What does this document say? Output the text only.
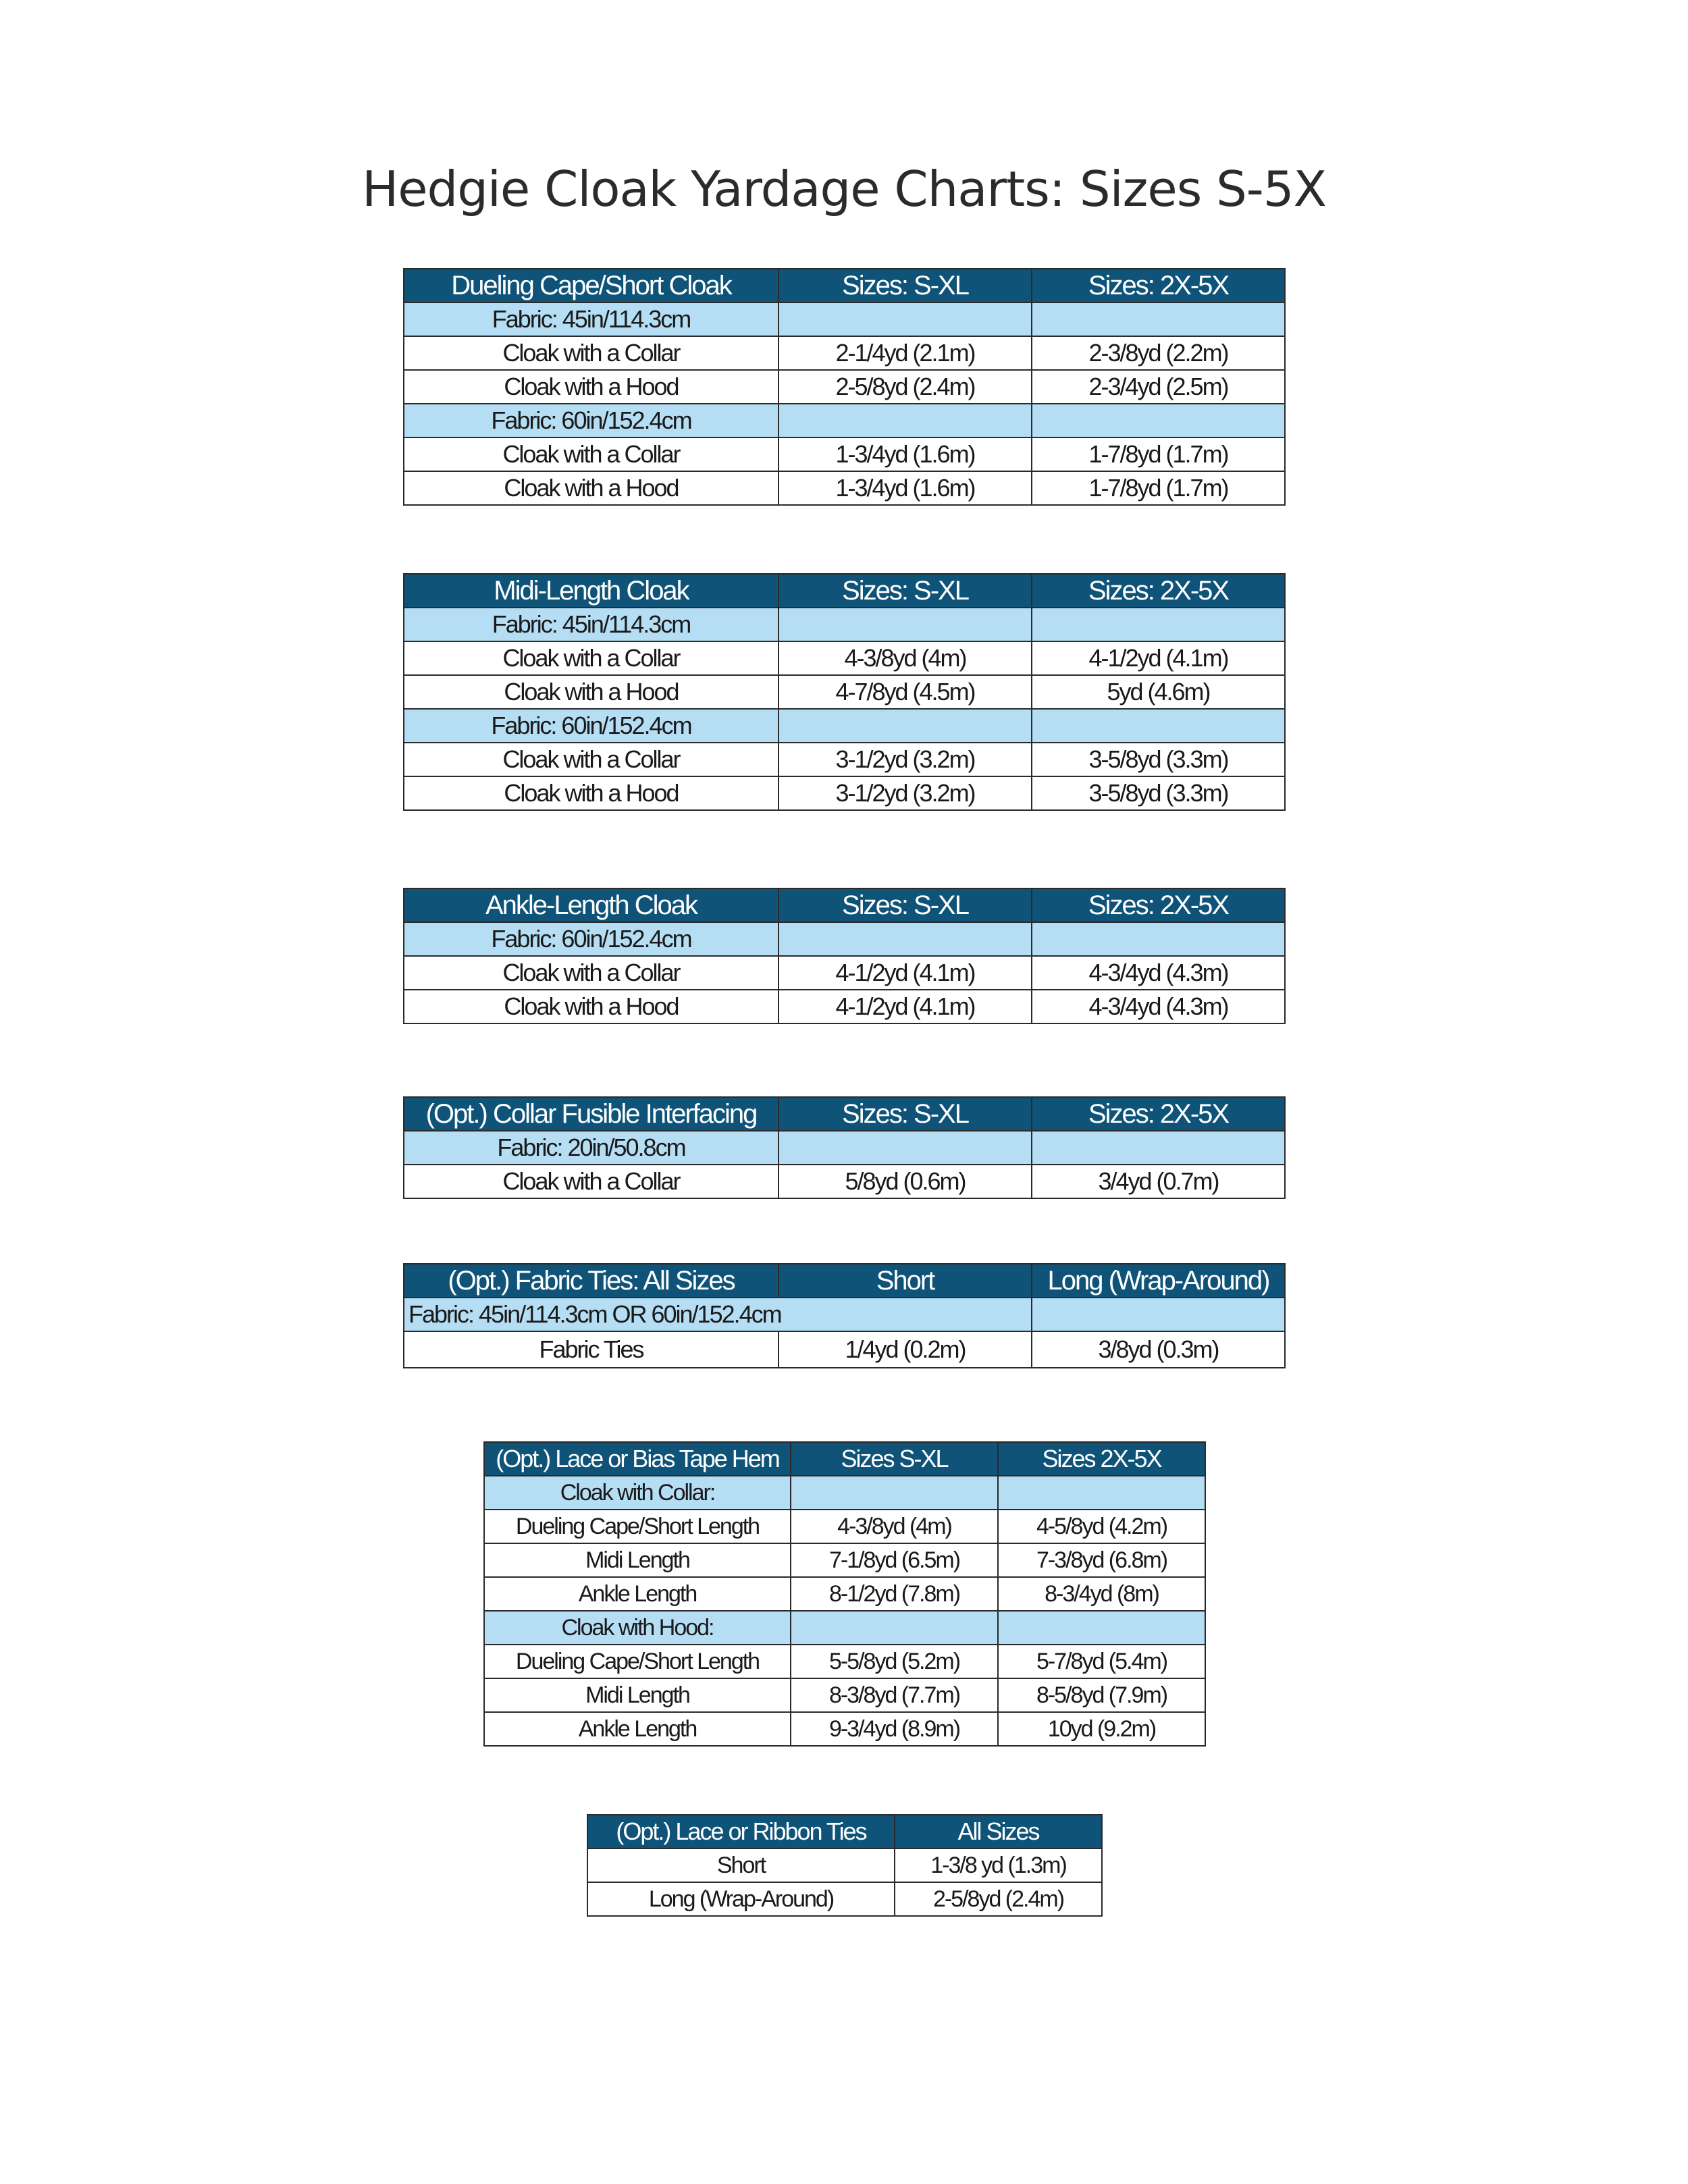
Hedgie Cloak Yardage Charts: Sizes S-5X
Dueling Cape/Short Cloak	Sizes: S-XL	Sizes: 2X-5X
Fabric: 45in/114.3cm		
Cloak with a Collar	2-1/4yd (2.1m)	2-3/8yd (2.2m)
Cloak with a Hood	2-5/8yd (2.4m)	2-3/4yd (2.5m)
Fabric: 60in/152.4cm		
Cloak with a Collar	1-3/4yd (1.6m)	1-7/8yd (1.7m)
Cloak with a Hood	1-3/4yd (1.6m)	1-7/8yd (1.7m)
Midi-Length Cloak	Sizes: S-XL	Sizes: 2X-5X
Fabric: 45in/114.3cm		
Cloak with a Collar	4-3/8yd (4m)	4-1/2yd (4.1m)
Cloak with a Hood	4-7/8yd (4.5m)	5yd (4.6m)
Fabric: 60in/152.4cm		
Cloak with a Collar	3-1/2yd (3.2m)	3-5/8yd (3.3m)
Cloak with a Hood	3-1/2yd (3.2m)	3-5/8yd (3.3m)
Ankle-Length Cloak	Sizes: S-XL	Sizes: 2X-5X
Fabric: 60in/152.4cm		
Cloak with a Collar	4-1/2yd (4.1m)	4-3/4yd (4.3m)
Cloak with a Hood	4-1/2yd (4.1m)	4-3/4yd (4.3m)
(Opt.) Collar Fusible Interfacing	Sizes: S-XL	Sizes: 2X-5X
Fabric: 20in/50.8cm		
Cloak with a Collar	5/8yd (0.6m)	3/4yd (0.7m)
(Opt.) Fabric Ties: All Sizes	Short	Long (Wrap-Around)
Fabric: 45in/114.3cm OR 60in/152.4cm		
Fabric Ties	1/4yd (0.2m)	3/8yd (0.3m)
(Opt.) Lace or Bias Tape Hem	Sizes S-XL	Sizes 2X-5X
Cloak with Collar:		
Dueling Cape/Short Length	4-3/8yd (4m)	4-5/8yd (4.2m)
Midi Length	7-1/8yd (6.5m)	7-3/8yd (6.8m)
Ankle Length	8-1/2yd (7.8m)	8-3/4yd (8m)
Cloak with Hood:		
Dueling Cape/Short Length	5-5/8yd (5.2m)	5-7/8yd (5.4m)
Midi Length	8-3/8yd (7.7m)	8-5/8yd (7.9m)
Ankle Length	9-3/4yd (8.9m)	10yd (9.2m)
(Opt.) Lace or Ribbon Ties	All Sizes
Short	1-3/8 yd (1.3m)
Long (Wrap-Around)	2-5/8yd (2.4m)
